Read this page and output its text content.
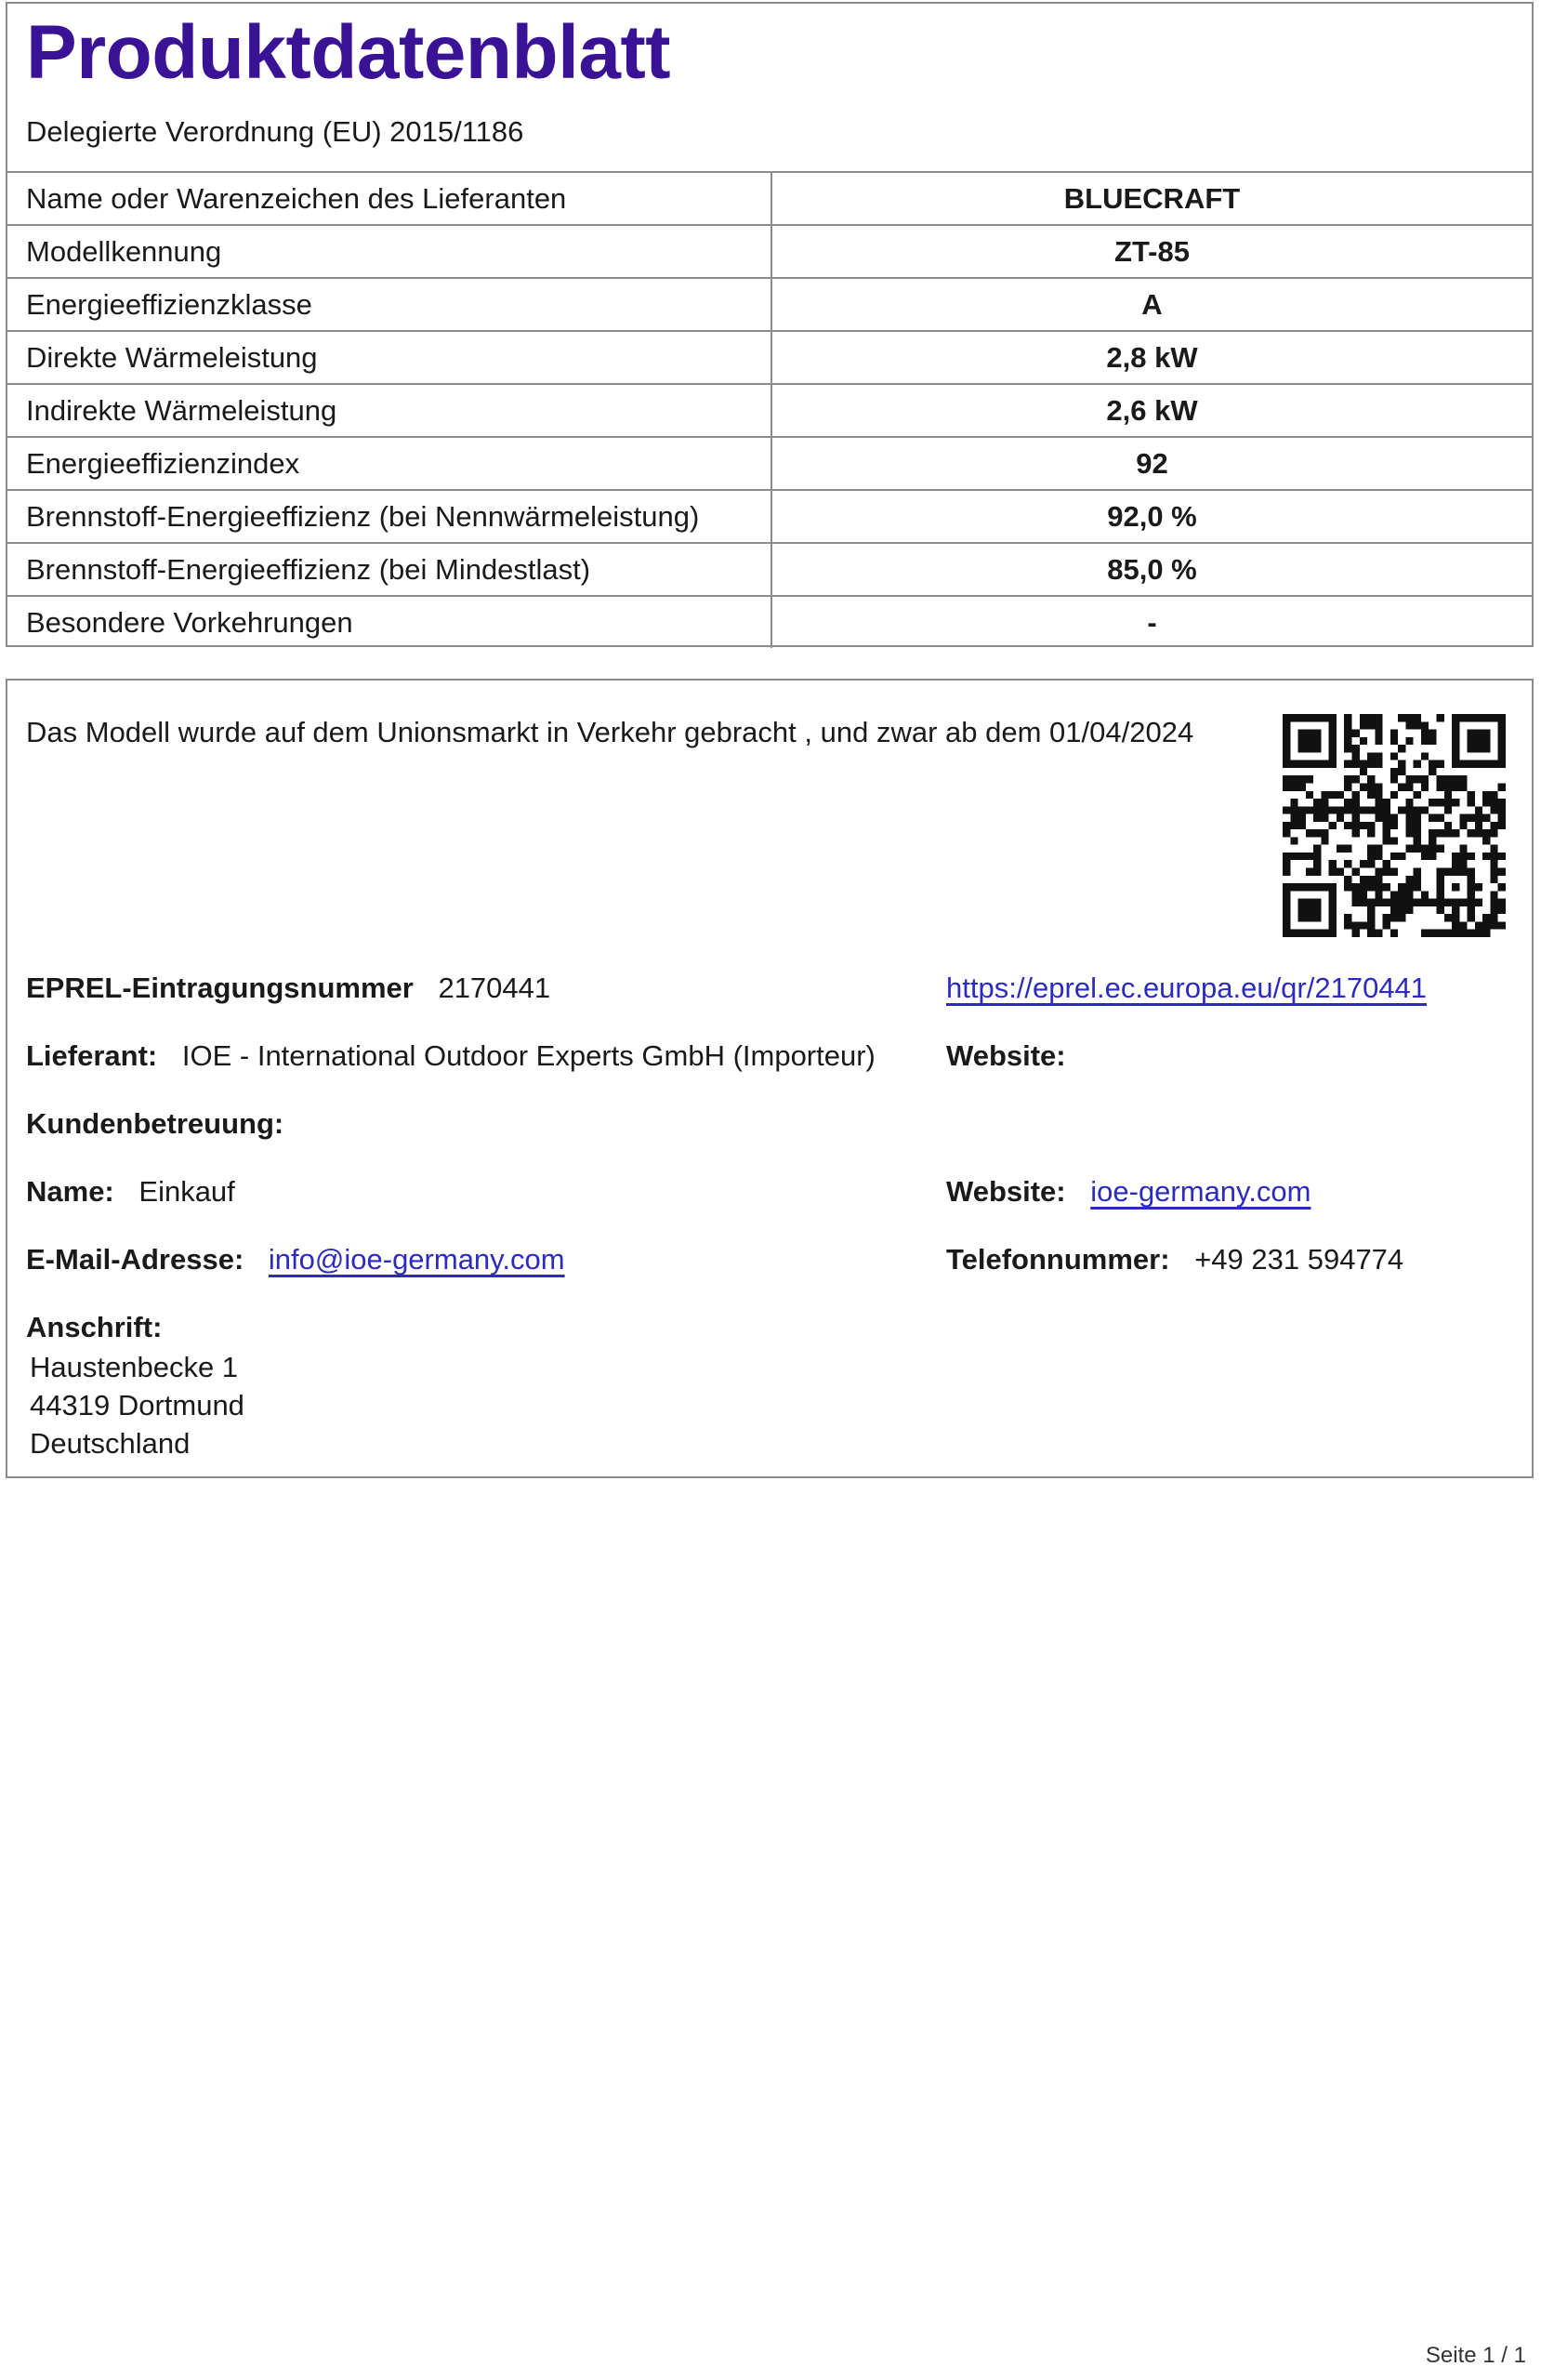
Produktdatenblatt
Delegierte Verordnung (EU) 2015/1186
Name oder Warenzeichen des Lieferanten	BLUECRAFT
Modellkennung	ZT-85
Energieeffizienzklasse	A
Direkte Wärmeleistung	2,8 kW
Indirekte Wärmeleistung	2,6 kW
Energieeffizienzindex	92
Brennstoff-Energieeffizienz (bei Nennwärmeleistung)	92,0 %
Brennstoff-Energieeffizienz (bei Mindestlast)	85,0 %
Besondere Vorkehrungen	-
Das Modell wurde auf dem Unionsmarkt in Verkehr gebracht , und zwar ab dem 01/04/2024
EPREL-Eintragungsnummer 2170441	https://eprel.ec.europa.eu/qr/2170441
Lieferant: IOE - International Outdoor Experts GmbH (Importeur) Website:
Kundenbetreuung:
Name: Einkauf	Website: ioe-germany.com
E-Mail-Adresse: info@ioe-germany.com	Telefonnummer: +49 231 594774
Anschrift:
Haustenbecke 1
44319 Dortmund
Deutschland
Seite 1 / 1
